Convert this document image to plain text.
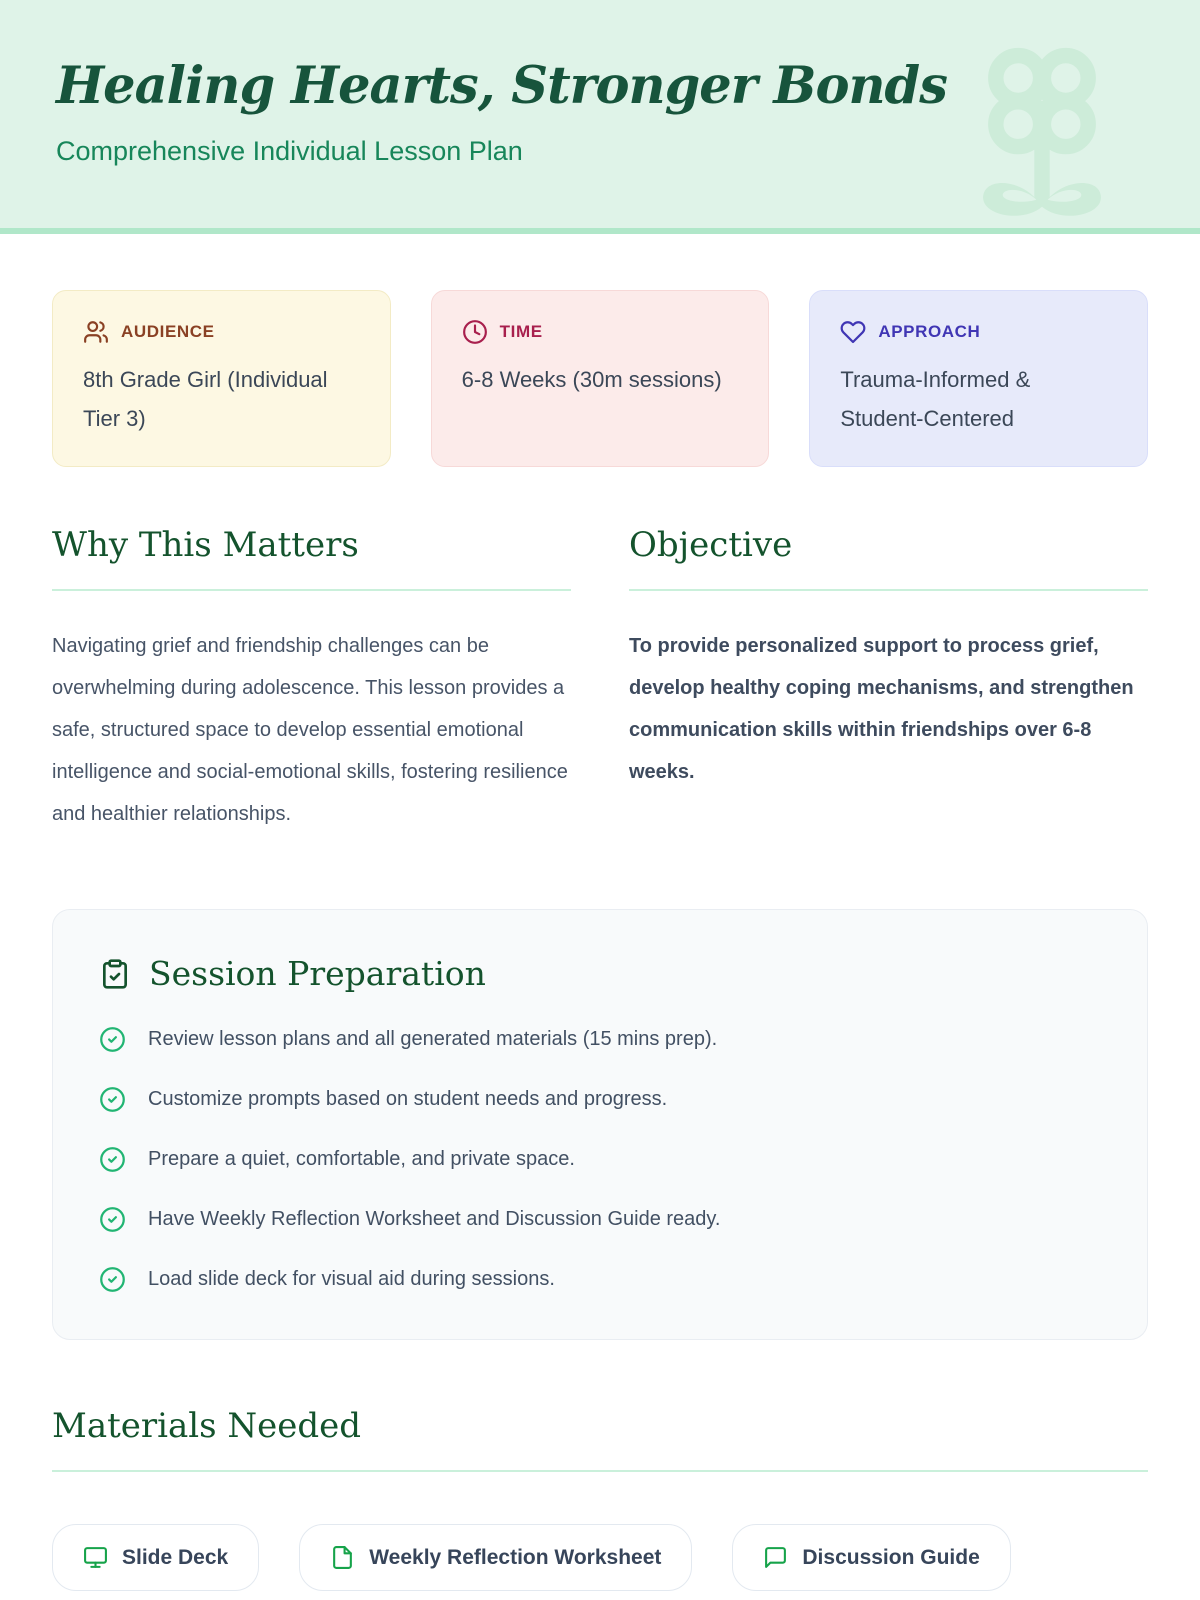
Healing Hearts, Stronger Bonds
Comprehensive Individual Lesson Plan
AUDIENCE
8th Grade Girl (Individual Tier 3)
TIME
6-8 Weeks (30m sessions)
APPROACH
Trauma-Informed & Student-Centered
Why This Matters

Navigating grief and friendship challenges can be overwhelming during adolescence. This lesson provides a safe, structured space to develop essential emotional intelligence and social-emotional skills, fostering resilience and healthier relationships.

Objective

To provide personalized support to process grief, develop healthy coping mechanisms, and strengthen communication skills within friendships over 6-8 weeks.

Session Preparation
Review lesson plans and all generated materials (15 mins prep).
Customize prompts based on student needs and progress.
Prepare a quiet, comfortable, and private space.
Have Weekly Reflection Worksheet and Discussion Guide ready.
Load slide deck for visual aid during sessions.
Materials Needed
Slide Deck	Weekly Reflection Worksheet	Discussion Guide
